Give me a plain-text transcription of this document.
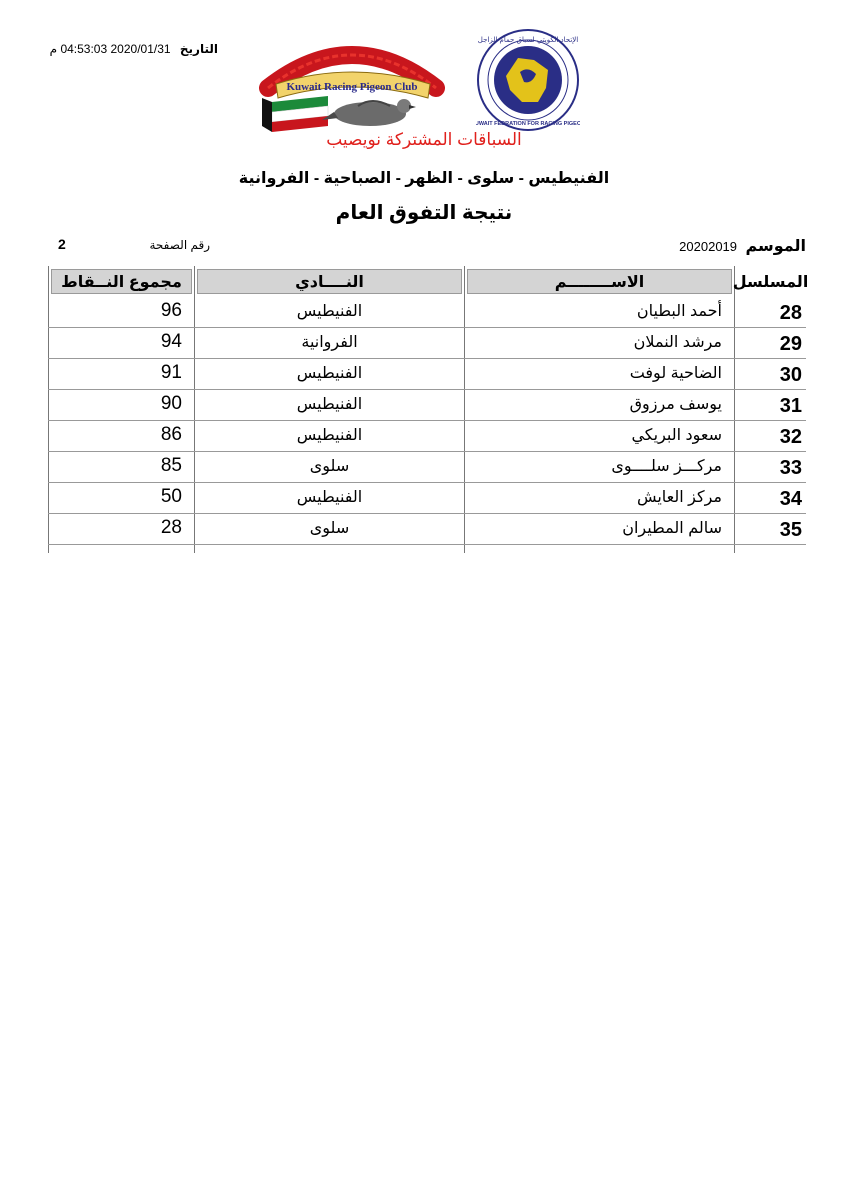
التاريخ 2020/01/31 04:53:03 م
Kuwait Racing Pigeon Club
الإتحاد الكويتي لسباق حمام الزاجل
KUWAIT FEDRATION FOR RACING PIGEON
السباقات المشتركة نويصيب
الفنيطيس - سلوى - الظهر - الصباحية - الفروانية
نتيجة التفوق العام
الموسم 20202019
رقم الصفحة
2
المسلسل
الاســــــــم
النــــادي
مجموع النــقاط
28
أحمد البطيان
الفنيطيس
96
29
مرشد النملان
الفروانية
94
30
الضاحية لوفت
الفنيطيس
91
31
يوسف مرزوق
الفنيطيس
90
32
سعود البريكي
الفنيطيس
86
33
مركـــز سلــــوى
سلوى
85
34
مركز العايش
الفنيطيس
50
35
سالم المطيران
سلوى
28
